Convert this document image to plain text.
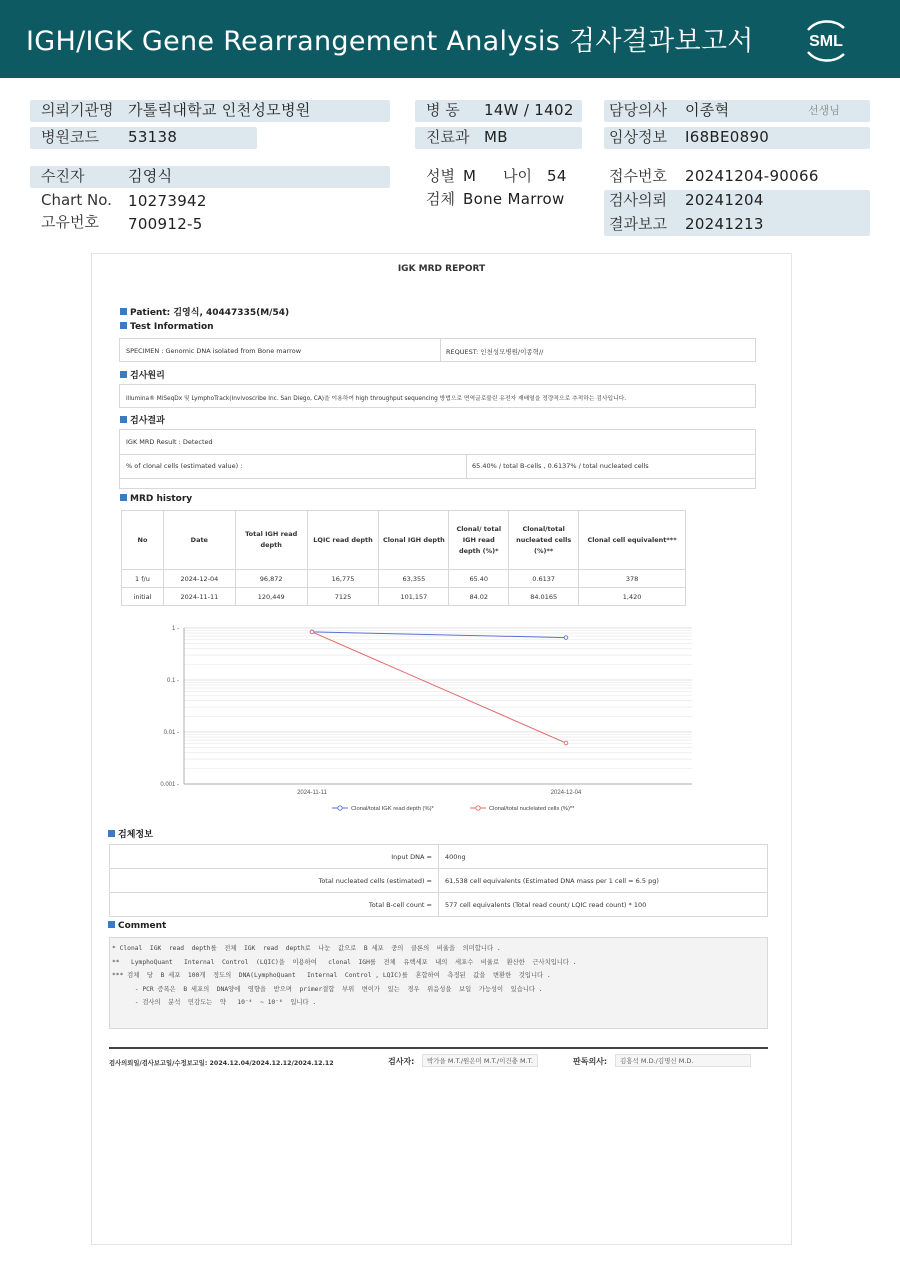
IGH/IGK Gene Rearrangement Analysis 검사결과보고서	SML
의뢰기관명 가톨릭대학교 인천성모병원
병원코드 53138
병 동 14W / 1402
진료과 MB
담당의사 이종혁	선생님
임상정보 I68BE0890
수진자	김영식
Chart No. 10273942
고유번호 700912-5
성별 M 나이 54
검체 Bone Marrow
접수번호 20241204-90066
검사의뢰 20241204
결과보고 20241213
IGK MRD REPORT
Patient: 김영식, 40447335(M/54)
Test Information
SPECIMEN : Genomic DNA isolated from Bone marrow	REQUEST: 인천성모병원/이종혁//
검사원리
Illumina® MiSeqDx 및 LymphoTrack(Invivoscribe Inc. San Diego, CA)을 이용하여 high throughput sequencing 방법으로 면역글로불린 유전자 재배열을 정량적으로 추적하는 검사입니다.
검사결과
IGK MRD Result : Detected
% of clonal cells (estimated value) :	65.40% / total B-cells , 0.6137% / total nucleated cells
MRD history
No	Date	Total IGH read depth	LQIC read depth	Clonal IGH depth	Clonal/ total IGH read depth (%)*	Clonal/total nucleated cells (%)**	Clonal cell equivalent***
1 f/u	2024-12-04	96,872	16,775	63,355	65.40	0.6137	378
initial	2024-11-11	120,449	7125	101,157	84.02	84.0165	1,420
1 -
0.1 -
0.01 -
0.001 -
2024-11-11	2024-12-04
Clonal/total IGK read depth (%)*	Clonal/total nuclelated cells (%)**
검체정보
Input DNA =	400ng
Total nucleated cells (estimated) =	61,538 cell equivalents (Estimated DNA mass per 1 cell = 6.5 pg)
Total B-cell count =	577 cell equivalents (Total read count/ LQIC read count) * 100
Comment
* Clonal  IGK  read  depth를  전체  IGK  read  depth로  나눈  값으로  B 세포  중의  클론의  비율을  의미합니다 .
**   LymphoQuant   Internal  Control  (LQIC)을  이용하여   clonal  IGH를  전체  유핵세포  내의  세포수  비율로  환산한  근사치입니다 .
*** 검체  당  B 세포  100개  정도의  DNA(LymphoQuant   Internal  Control , LQIC)를  혼합하여  측정된  값을  변환한  것입니다 .
- PCR 증폭은  B 세포의  DNA양에  영향을  받으며  primer결합  부위  변이가  있는  경우  위음성을  보일  가능성이  있습니다 .
- 검사의  분석  민감도는  약   10⁻⁴  ~ 10⁻⁶  입니다 .
검사의뢰일/검사보고일/수정보고일: 2024.12.04/2024.12.12/2024.12.12	검사자:	박가을 M.T./원은미 M.T./이건충 M.T.	판독의사:	김홍석 M.D./김명신 M.D.
